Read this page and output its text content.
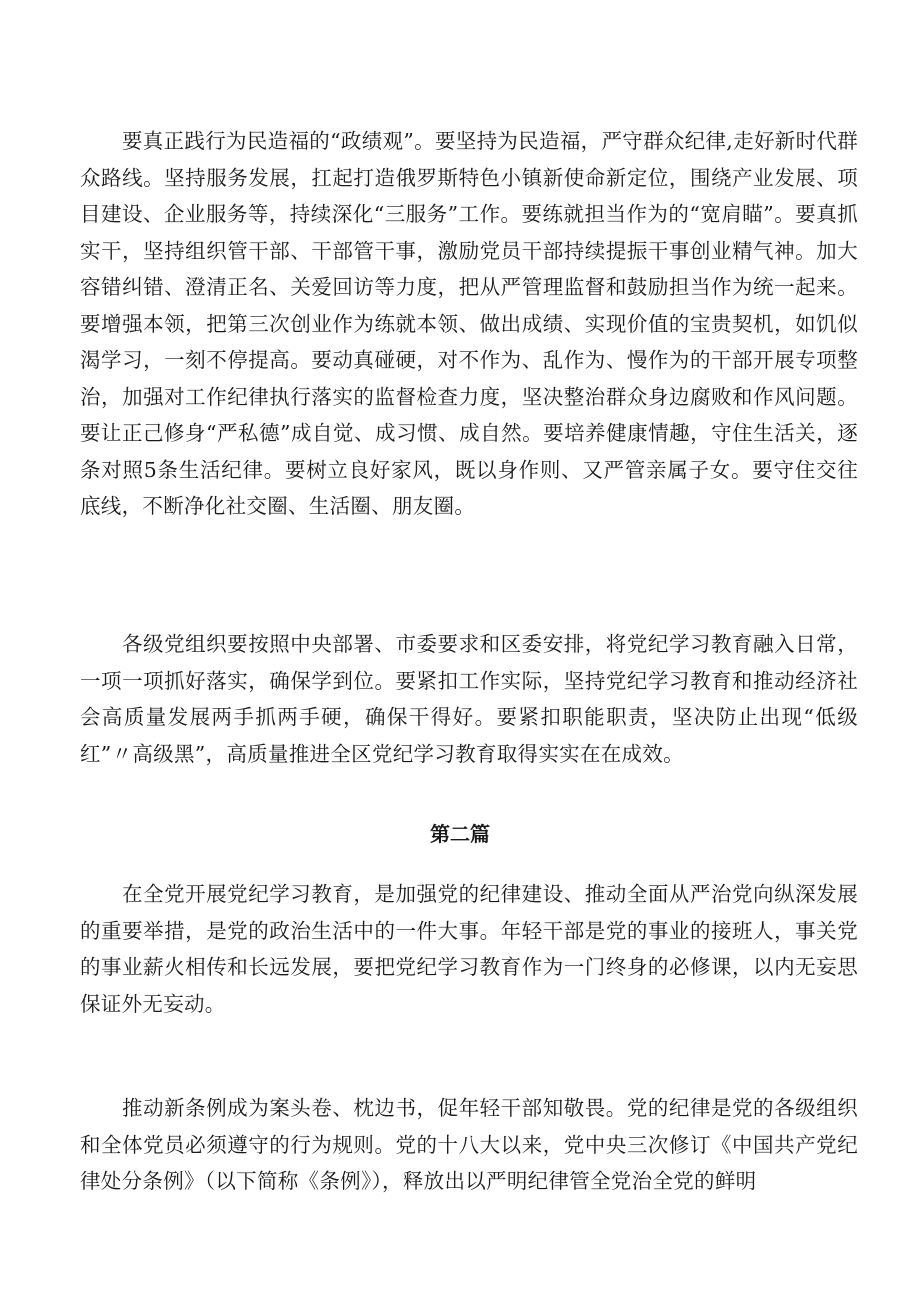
要真正践行为民造福的“政绩观”。要坚持为民造福，严守群众纪律,走好新时代群众路线。坚持服务发展，扛起打造俄罗斯特色小镇新使命新定位，围绕产业发展、项目建设、企业服务等，持续深化“三服务”工作。要练就担当作为的“宽肩瞄”。要真抓实干，坚持组织管干部、干部管干事，激励党员干部持续提振干事创业精气神。加大容错纠错、澄清正名、关爱回访等力度，把从严管理监督和鼓励担当作为统一起来。要增强本领，把第三次创业作为练就本领、做出成绩、实现价值的宝贵契机，如饥似渴学习，一刻不停提高。要动真碰硬，对不作为、乱作为、慢作为的干部开展专项整治，加强对工作纪律执行落实的监督检查力度，坚决整治群众身边腐败和作风问题。要让正己修身“严私德”成自觉、成习惯、成自然。要培养健康情趣，守住生活关，逐条对照5条生活纪律。要树立良好家风，既以身作则、又严管亲属子女。要守住交往底线，不断净化社交圈、生活圈、朋友圈。

各级党组织要按照中央部署、市委要求和区委安排，将党纪学习教育融入日常，一项一项抓好落实，确保学到位。要紧扣工作实际，坚持党纪学习教育和推动经济社会高质量发展两手抓两手硬，确保干得好。要紧扣职能职责，坚决防止出现“低级红”〃高级黑”，高质量推进全区党纪学习教育取得实实在在成效。

第二篇

在全党开展党纪学习教育，是加强党的纪律建设、推动全面从严治党向纵深发展的重要举措，是党的政治生活中的一件大事。年轻干部是党的事业的接班人，事关党的事业薪火相传和长远发展，要把党纪学习教育作为一门终身的必修课，以内无妄思保证外无妄动。

推动新条例成为案头卷、枕边书，促年轻干部知敬畏。党的纪律是党的各级组织和全体党员必须遵守的行为规则。党的十八大以来，党中央三次修订《中国共产党纪律处分条例》（以下简称《条例》），释放出以严明纪律管全党治全党的鲜明
